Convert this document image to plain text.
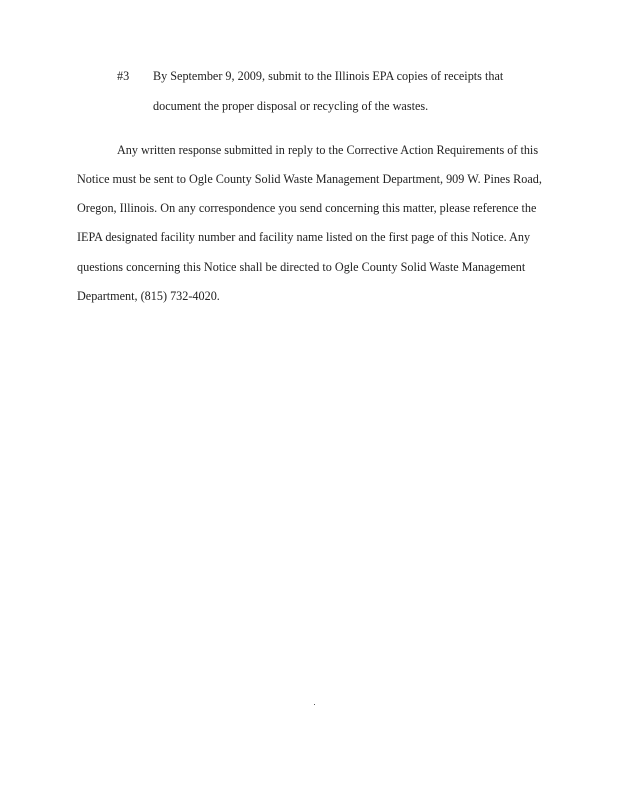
#3 By September 9, 2009, submit to the Illinois EPA copies of receipts that
document the proper disposal or recycling of the wastes.
Any written response submitted in reply to the Corrective Action Requirements of this
Notice must be sent to Ogle County Solid Waste Management Department, 909 W. Pines Road,
Oregon, Illinois. On any correspondence you send concerning this matter, please reference the
IEPA designated facility number and facility name listed on the first page of this Notice. Any
questions concerning this Notice shall be directed to Ogle County Solid Waste Management
Department, (815) 732-4020.
